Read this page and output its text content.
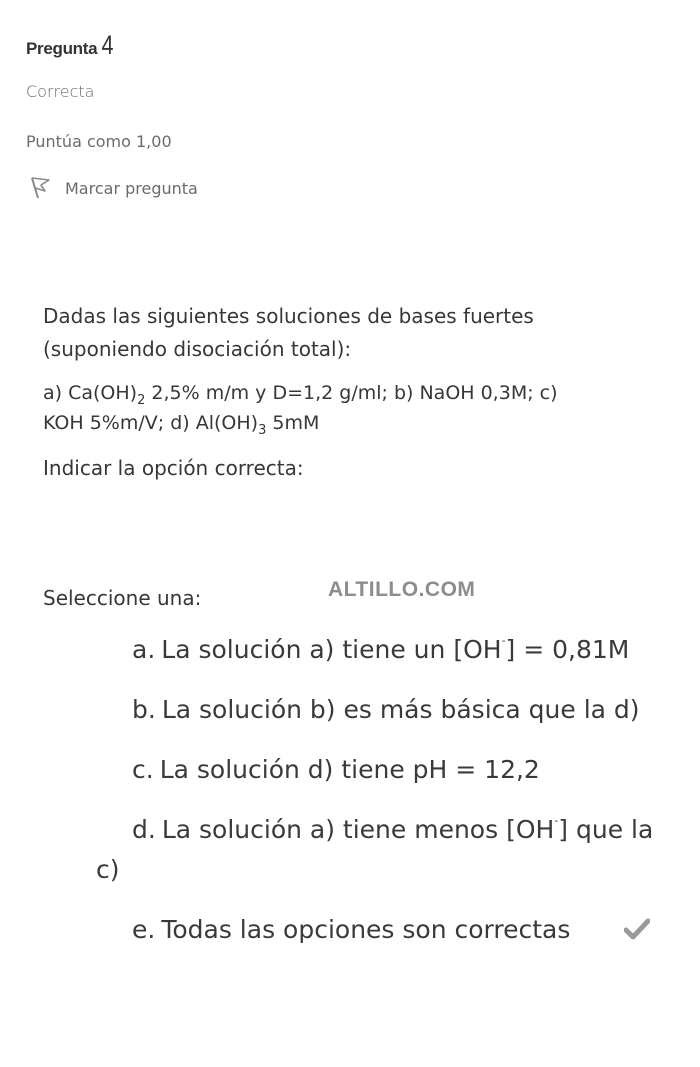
Pregunta 4
Correcta
Puntúa como 1,00
Marcar pregunta

Dadas las siguientes soluciones de bases fuertes
(suponiendo disociación total):

a) $Ca(OH)_2$ 2,5% m/m y D=1,2 g/ml; b) NaOH 0,3M; c)
KOH 5%m/V; d) $Al(OH)_3$ 5mM

Indicar la opción correcta:

Seleccione una:	ALTILLO.COM
a. La solución a) tiene un [OH-] = 0,81M
b. La solución b) es más básica que la d)
c. La solución d) tiene pH = 12,2
d. La solución a) tiene menos [OH-] que la c)
e. Todas las opciones son correctas
